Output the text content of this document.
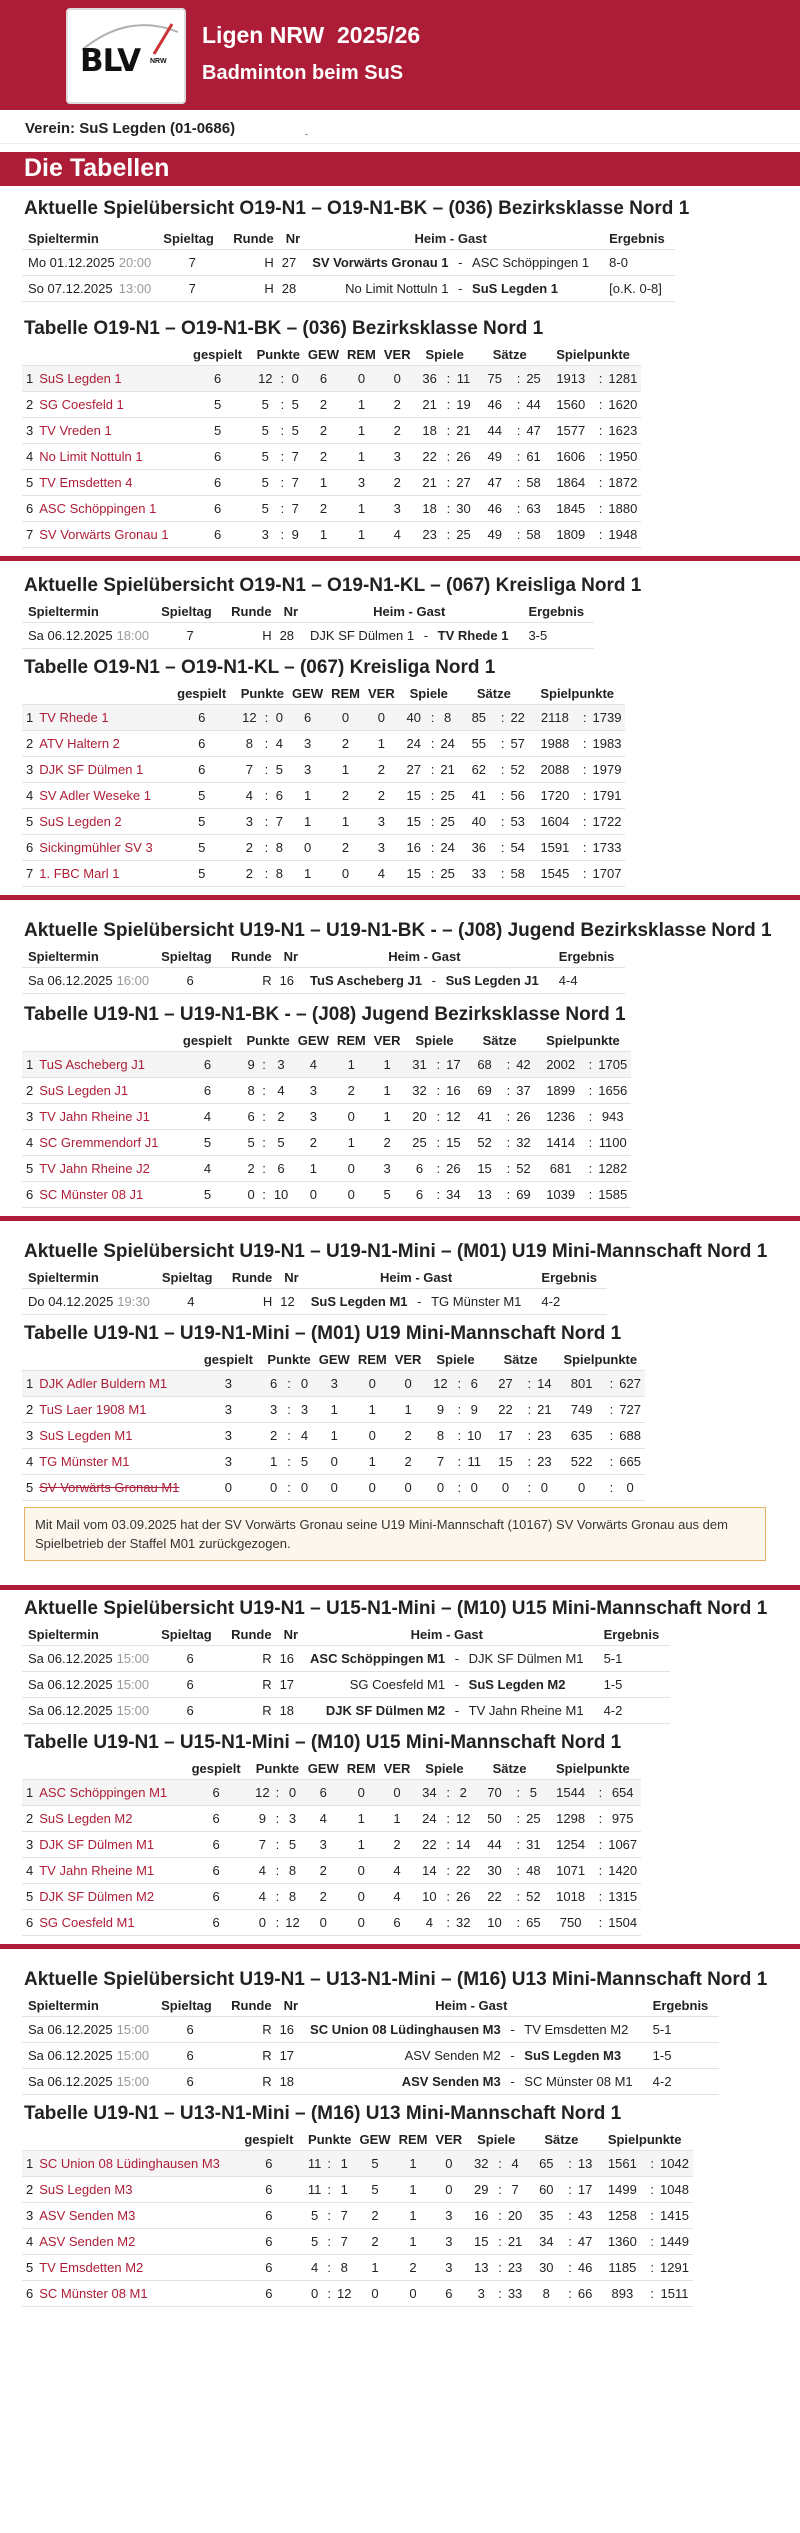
BLV NRW
Ligen NRW  2025/26
Badminton beim SuS
Verein: SuS Legden (01-0686)
Die Tabellen
Aktuelle Spielübersicht O19-N1 – O19-N1-BK – (036) Bezirksklasse Nord 1
Spieltermin		Spieltag	Runde	Nr	Heim - Gast			Ergebnis
Mo 01.12.2025	20:00	7	H	27	SV Vorwärts Gronau 1	-	ASC Schöppingen 1	8-0
So 07.12.2025	13:00	7	H	28	No Limit Nottuln 1	-	SuS Legden 1	[o.K. 0-8]
Tabelle O19-N1 – O19-N1-BK – (036) Bezirksklasse Nord 1
		gespielt	Punkte			GEW	REM	VER	Spiele			Sätze			Spielpunkte		
1	SuS Legden 1	6	12	:	0	6	0	0	36	:	11	75	:	25	1913	:	1281
2	SG Coesfeld 1	5	5	:	5	2	1	2	21	:	19	46	:	44	1560	:	1620
3	TV Vreden 1	5	5	:	5	2	1	2	18	:	21	44	:	47	1577	:	1623
4	No Limit Nottuln 1	6	5	:	7	2	1	3	22	:	26	49	:	61	1606	:	1950
5	TV Emsdetten 4	6	5	:	7	1	3	2	21	:	27	47	:	58	1864	:	1872
6	ASC Schöppingen 1	6	5	:	7	2	1	3	18	:	30	46	:	63	1845	:	1880
7	SV Vorwärts Gronau 1	6	3	:	9	1	1	4	23	:	25	49	:	58	1809	:	1948
Aktuelle Spielübersicht O19-N1 – O19-N1-KL – (067) Kreisliga Nord 1
Spieltermin		Spieltag	Runde	Nr	Heim - Gast			Ergebnis
Sa 06.12.2025	18:00	7	H	28	DJK SF Dülmen 1	-	TV Rhede 1	3-5
Tabelle O19-N1 – O19-N1-KL – (067) Kreisliga Nord 1
		gespielt	Punkte			GEW	REM	VER	Spiele			Sätze			Spielpunkte		
1	TV Rhede 1	6	12	:	0	6	0	0	40	:	8	85	:	22	2118	:	1739
2	ATV Haltern 2	6	8	:	4	3	2	1	24	:	24	55	:	57	1988	:	1983
3	DJK SF Dülmen 1	6	7	:	5	3	1	2	27	:	21	62	:	52	2088	:	1979
4	SV Adler Weseke 1	5	4	:	6	1	2	2	15	:	25	41	:	56	1720	:	1791
5	SuS Legden 2	5	3	:	7	1	1	3	15	:	25	40	:	53	1604	:	1722
6	Sickingmühler SV 3	5	2	:	8	0	2	3	16	:	24	36	:	54	1591	:	1733
7	1. FBC Marl 1	5	2	:	8	1	0	4	15	:	25	33	:	58	1545	:	1707
Aktuelle Spielübersicht U19-N1 – U19-N1-BK - – (J08) Jugend Bezirksklasse Nord 1
Spieltermin		Spieltag	Runde	Nr	Heim - Gast			Ergebnis
Sa 06.12.2025	16:00	6	R	16	TuS Ascheberg J1	-	SuS Legden J1	4-4
Tabelle U19-N1 – U19-N1-BK - – (J08) Jugend Bezirksklasse Nord 1
		gespielt	Punkte			GEW	REM	VER	Spiele			Sätze			Spielpunkte		
1	TuS Ascheberg J1	6	9	:	3	4	1	1	31	:	17	68	:	42	2002	:	1705
2	SuS Legden J1	6	8	:	4	3	2	1	32	:	16	69	:	37	1899	:	1656
3	TV Jahn Rheine J1	4	6	:	2	3	0	1	20	:	12	41	:	26	1236	:	943
4	SC Gremmendorf J1	5	5	:	5	2	1	2	25	:	15	52	:	32	1414	:	1100
5	TV Jahn Rheine J2	4	2	:	6	1	0	3	6	:	26	15	:	52	681	:	1282
6	SC Münster 08 J1	5	0	:	10	0	0	5	6	:	34	13	:	69	1039	:	1585
Aktuelle Spielübersicht U19-N1 – U19-N1-Mini – (M01) U19 Mini-Mannschaft Nord 1
Spieltermin		Spieltag	Runde	Nr	Heim - Gast			Ergebnis
Do 04.12.2025	19:30	4	H	12	SuS Legden M1	-	TG Münster M1	4-2
Tabelle U19-N1 – U19-N1-Mini – (M01) U19 Mini-Mannschaft Nord 1
		gespielt	Punkte			GEW	REM	VER	Spiele			Sätze			Spielpunkte		
1	DJK Adler Buldern M1	3	6	:	0	3	0	0	12	:	6	27	:	14	801	:	627
2	TuS Laer 1908 M1	3	3	:	3	1	1	1	9	:	9	22	:	21	749	:	727
3	SuS Legden M1	3	2	:	4	1	0	2	8	:	10	17	:	23	635	:	688
4	TG Münster M1	3	1	:	5	0	1	2	7	:	11	15	:	23	522	:	665
5	SV Vorwärts Gronau M1	0	0	:	0	0	0	0	0	:	0	0	:	0	0	:	0
Mit Mail vom 03.09.2025 hat der SV Vorwärts Gronau seine U19 Mini-Mannschaft (10167) SV Vorwärts Gronau aus dem Spielbetrieb der Staffel M01 zurückgezogen.
Aktuelle Spielübersicht U19-N1 – U15-N1-Mini – (M10) U15 Mini-Mannschaft Nord 1
Spieltermin		Spieltag	Runde	Nr	Heim - Gast			Ergebnis
Sa 06.12.2025	15:00	6	R	16	ASC Schöppingen M1	-	DJK SF Dülmen M1	5-1
Sa 06.12.2025	15:00	6	R	17	SG Coesfeld M1	-	SuS Legden M2	1-5
Sa 06.12.2025	15:00	6	R	18	DJK SF Dülmen M2	-	TV Jahn Rheine M1	4-2
Tabelle U19-N1 – U15-N1-Mini – (M10) U15 Mini-Mannschaft Nord 1
		gespielt	Punkte			GEW	REM	VER	Spiele			Sätze			Spielpunkte		
1	ASC Schöppingen M1	6	12	:	0	6	0	0	34	:	2	70	:	5	1544	:	654
2	SuS Legden M2	6	9	:	3	4	1	1	24	:	12	50	:	25	1298	:	975
3	DJK SF Dülmen M1	6	7	:	5	3	1	2	22	:	14	44	:	31	1254	:	1067
4	TV Jahn Rheine M1	6	4	:	8	2	0	4	14	:	22	30	:	48	1071	:	1420
5	DJK SF Dülmen M2	6	4	:	8	2	0	4	10	:	26	22	:	52	1018	:	1315
6	SG Coesfeld M1	6	0	:	12	0	0	6	4	:	32	10	:	65	750	:	1504
Aktuelle Spielübersicht U19-N1 – U13-N1-Mini – (M16) U13 Mini-Mannschaft Nord 1
Spieltermin		Spieltag	Runde	Nr	Heim - Gast			Ergebnis
Sa 06.12.2025	15:00	6	R	16	SC Union 08 Lüdinghausen M3	-	TV Emsdetten M2	5-1
Sa 06.12.2025	15:00	6	R	17	ASV Senden M2	-	SuS Legden M3	1-5
Sa 06.12.2025	15:00	6	R	18	ASV Senden M3	-	SC Münster 08 M1	4-2
Tabelle U19-N1 – U13-N1-Mini – (M16) U13 Mini-Mannschaft Nord 1
		gespielt	Punkte			GEW	REM	VER	Spiele			Sätze			Spielpunkte		
1	SC Union 08 Lüdinghausen M3	6	11	:	1	5	1	0	32	:	4	65	:	13	1561	:	1042
2	SuS Legden M3	6	11	:	1	5	1	0	29	:	7	60	:	17	1499	:	1048
3	ASV Senden M3	6	5	:	7	2	1	3	16	:	20	35	:	43	1258	:	1415
4	ASV Senden M2	6	5	:	7	2	1	3	15	:	21	34	:	47	1360	:	1449
5	TV Emsdetten M2	6	4	:	8	1	2	3	13	:	23	30	:	46	1185	:	1291
6	SC Münster 08 M1	6	0	:	12	0	0	6	3	:	33	8	:	66	893	:	1511
